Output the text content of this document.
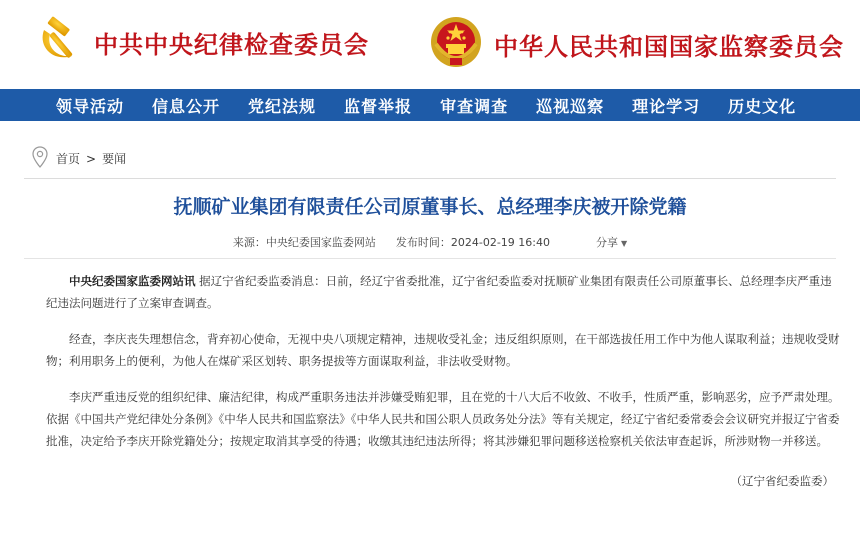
中共中央纪律检查委员会	中华人民共和国国家监察委员会
领导活动 信息公开 党纪法规 监督举报 审查调查 巡视巡察 理论学习 历史文化
首页 > 要闻
抚顺矿业集团有限责任公司原董事长、总经理李庆被开除党籍
来源：中央纪委国家监委网站 发布时间：2024-02-19 16:40	分享 ▼

中央纪委国家监委网站讯 据辽宁省纪委监委消息：日前，经辽宁省委批准，辽宁省纪委监委对抚顺矿业集团有限责任公司原董事长、总经理李庆严重违纪违法问题进行了立案审查调查。

经查，李庆丧失理想信念，背弃初心使命，无视中央八项规定精神，违规收受礼金；违反组织原则，在干部选拔任用工作中为他人谋取利益；违规收受财物；利用职务上的便利，为他人在煤矿采区划转、职务提拔等方面谋取利益，非法收受财物。

李庆严重违反党的组织纪律、廉洁纪律，构成严重职务违法并涉嫌受贿犯罪，且在党的十八大后不收敛、不收手，性质严重，影响恶劣，应予严肃处理。依据《中国共产党纪律处分条例》《中华人民共和国监察法》《中华人民共和国公职人员政务处分法》等有关规定，经辽宁省纪委常委会会议研究并报辽宁省委批准，决定给予李庆开除党籍处分；按规定取消其享受的待遇；收缴其违纪违法所得；将其涉嫌犯罪问题移送检察机关依法审查起诉，所涉财物一并移送。

（辽宁省纪委监委）
